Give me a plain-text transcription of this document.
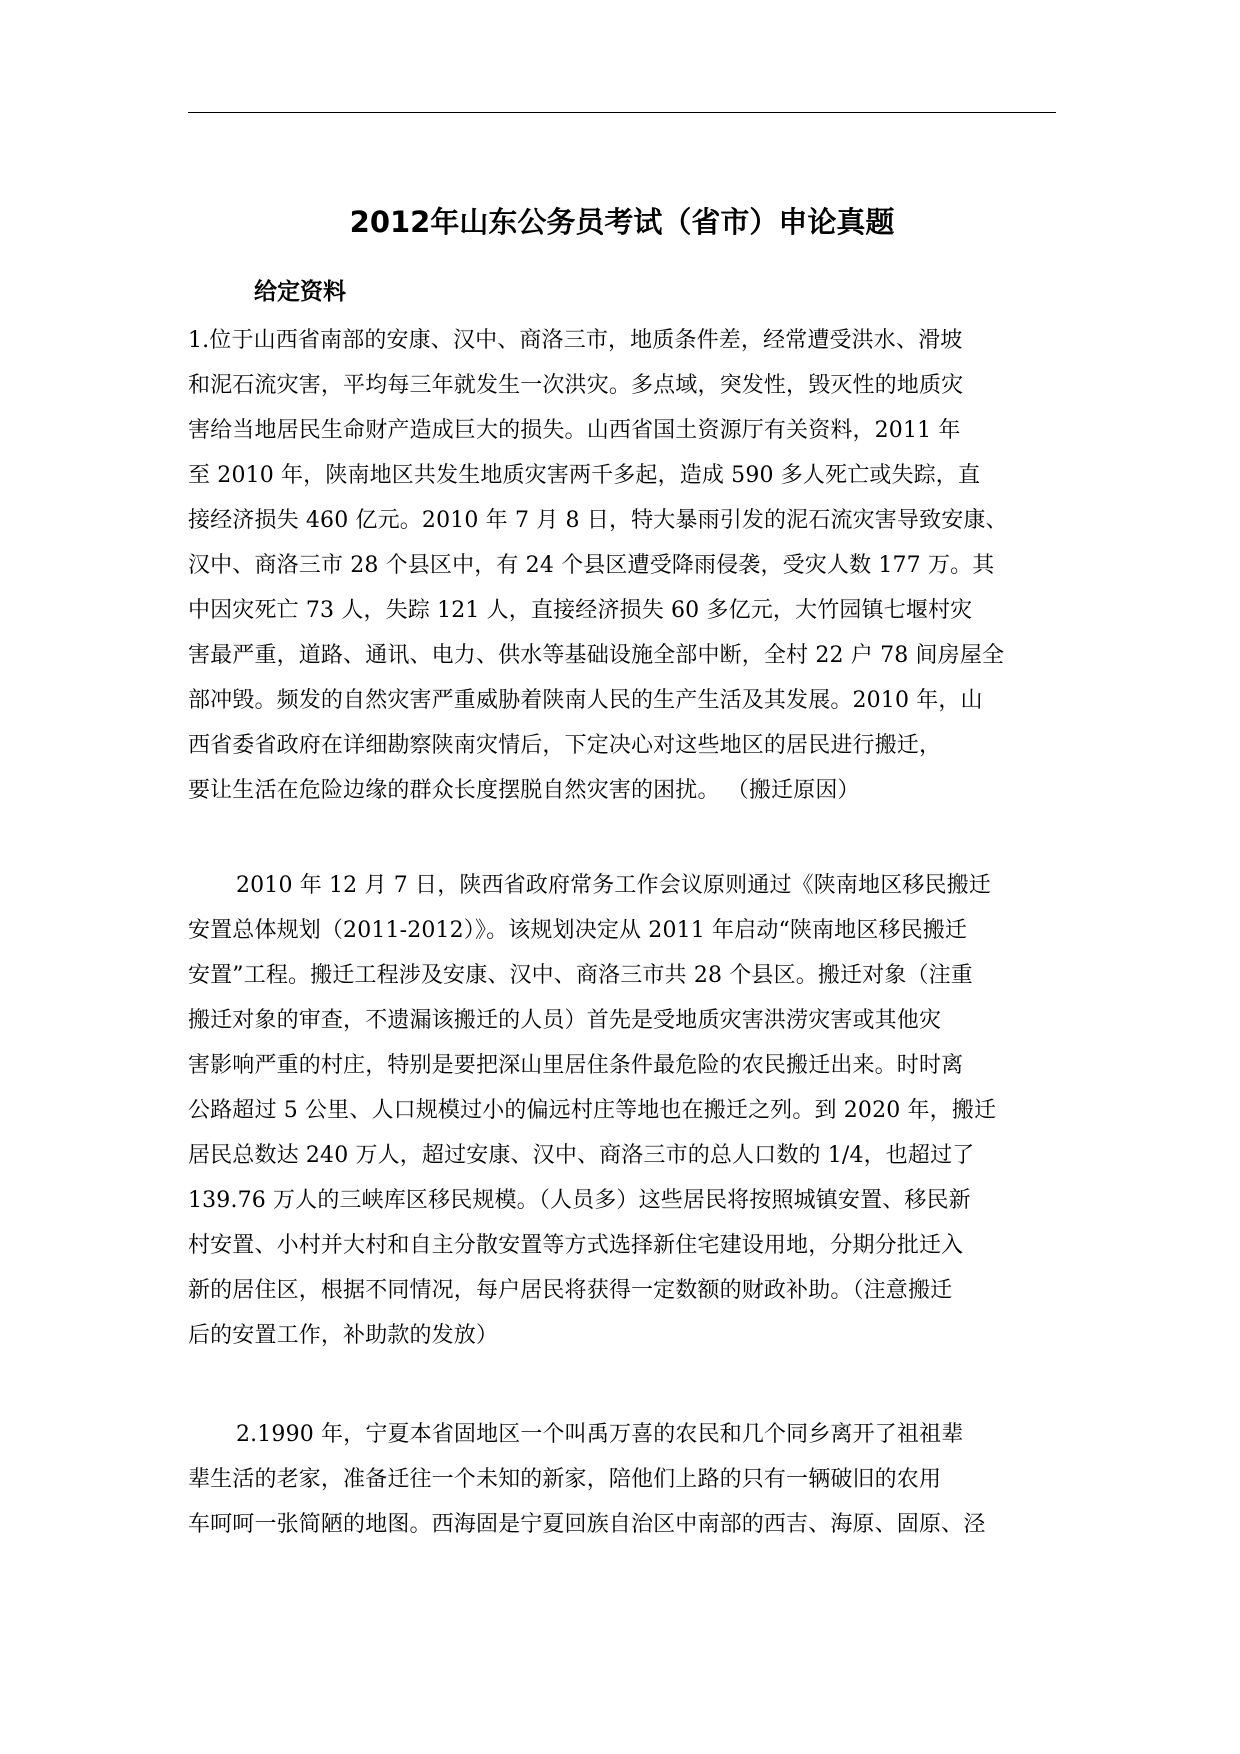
2012年山东公务员考试（省市）申论真题
给定资料
1.位于山西省南部的安康、汉中、商洛三市，地质条件差，经常遭受洪水、滑坡
和泥石流灾害，平均每三年就发生一次洪灾。多点域，突发性，毁灭性的地质灾
害给当地居民生命财产造成巨大的损失。山西省国土资源厅有关资料，2011 年
至 2010 年，陕南地区共发生地质灾害两千多起，造成 590 多人死亡或失踪，直
接经济损失 460 亿元。2010 年 7 月 8 日，特大暴雨引发的泥石流灾害导致安康、
汉中、商洛三市 28 个县区中，有 24 个县区遭受降雨侵袭，受灾人数 177 万。其
中因灾死亡 73 人，失踪 121 人，直接经济损失 60 多亿元，大竹园镇七堰村灾
害最严重，道路、通讯、电力、供水等基础设施全部中断，全村 22 户 78 间房屋全
部冲毁。频发的自然灾害严重威胁着陕南人民的生产生活及其发展。2010 年，山
西省委省政府在详细勘察陕南灾情后，下定决心对这些地区的居民进行搬迁，
要让生活在危险边缘的群众长度摆脱自然灾害的困扰。 （搬迁原因）
2010 年 12 月 7 日，陕西省政府常务工作会议原则通过《陕南地区移民搬迁
安置总体规划（2011-2012）》。该规划决定从 2011 年启动“陕南地区移民搬迁
安置”工程。搬迁工程涉及安康、汉中、商洛三市共 28 个县区。搬迁对象（注重
搬迁对象的审查，不遗漏该搬迁的人员）首先是受地质灾害洪涝灾害或其他灾
害影响严重的村庄，特别是要把深山里居住条件最危险的农民搬迁出来。时时离
公路超过 5 公里、人口规模过小的偏远村庄等地也在搬迁之列。到 2020 年，搬迁
居民总数达 240 万人，超过安康、汉中、商洛三市的总人口数的 1/4，也超过了
139.76 万人的三峡库区移民规模。（人员多）这些居民将按照城镇安置、移民新
村安置、小村并大村和自主分散安置等方式选择新住宅建设用地，分期分批迁入
新的居住区，根据不同情况，每户居民将获得一定数额的财政补助。（注意搬迁
后的安置工作，补助款的发放）
2.1990 年，宁夏本省固地区一个叫禹万喜的农民和几个同乡离开了祖祖辈
辈生活的老家，准备迁往一个未知的新家，陪他们上路的只有一辆破旧的农用
车呵呵一张简陋的地图。西海固是宁夏回族自治区中南部的西吉、海原、固原、泾
